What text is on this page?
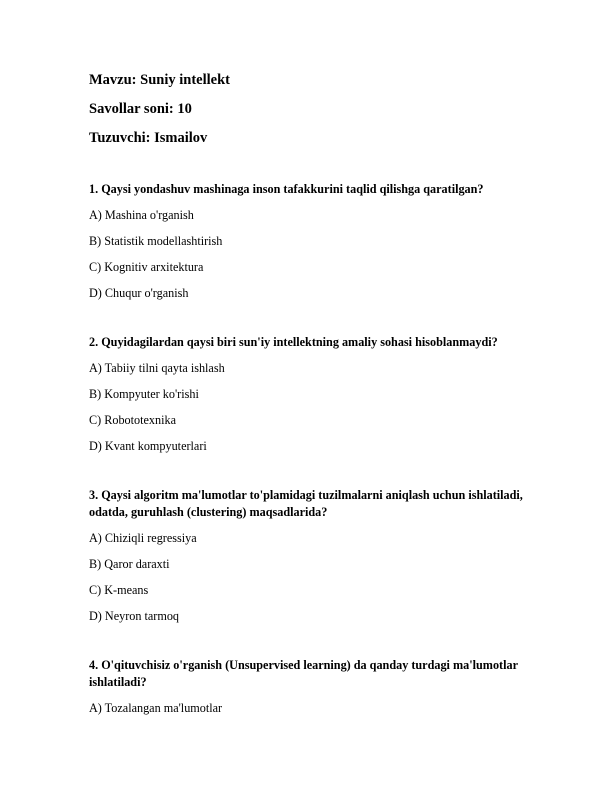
Mavzu: Suniy intellekt
Savollar soni: 10
Tuzuvchi: Ismailov
1. Qaysi yondashuv mashinaga inson tafakkurini taqlid qilishga qaratilgan?
A) Mashina o'rganish
B) Statistik modellashtirish
C) Kognitiv arxitektura
D) Chuqur o'rganish
2. Quyidagilardan qaysi biri sun'iy intellektning amaliy sohasi hisoblanmaydi?
A) Tabiiy tilni qayta ishlash
B) Kompyuter ko'rishi
C) Robototexnika
D) Kvant kompyuterlari
3. Qaysi algoritm ma'lumotlar to'plamidagi tuzilmalarni aniqlash uchun ishlatiladi, odatda, guruhlash (clustering) maqsadlarida?
A) Chiziqli regressiya
B) Qaror daraxti
C) K-means
D) Neyron tarmoq
4. O'qituvchisiz o'rganish (Unsupervised learning) da qanday turdagi ma'lumotlar ishlatiladi?
A) Tozalangan ma'lumotlar
